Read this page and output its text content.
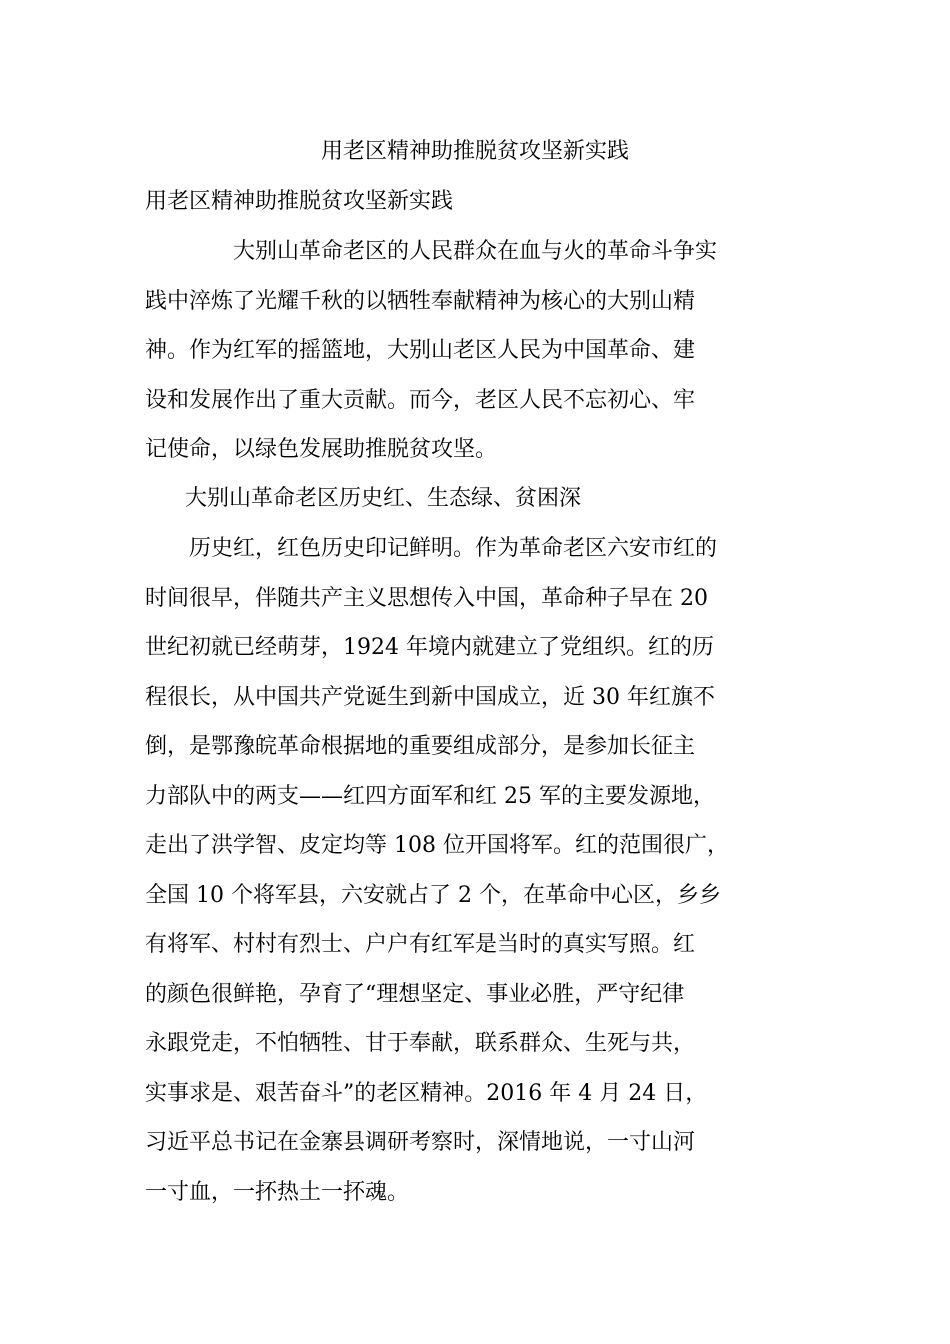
用老区精神助推脱贫攻坚新实践
用老区精神助推脱贫攻坚新实践

大别山革命老区的人民群众在血与火的革命斗争实
践中淬炼了光耀千秋的以牺牲奉献精神为核心的大别山精
神。作为红军的摇篮地，大别山老区人民为中国革命、建
设和发展作出了重大贡献。而今，老区人民不忘初心、牢
记使命，以绿色发展助推脱贫攻坚。

大别山革命老区历史红、生态绿、贫困深

历史红，红色历史印记鲜明。作为革命老区六安市红的
时间很早，伴随共产主义思想传入中国，革命种子早在 20
世纪初就已经萌芽，1924 年境内就建立了党组织。红的历
程很长，从中国共产党诞生到新中国成立，近 30 年红旗不
倒，是鄂豫皖革命根据地的重要组成部分，是参加长征主
力部队中的两支——红四方面军和红 25 军的主要发源地，
走出了洪学智、皮定均等 108 位开国将军。红的范围很广，
全国 10 个将军县，六安就占了 2 个，在革命中心区，乡乡
有将军、村村有烈士、户户有红军是当时的真实写照。红
的颜色很鲜艳，孕育了“理想坚定、事业必胜，严守纪律
永跟党走，不怕牺牲、甘于奉献，联系群众、生死与共，
实事求是、艰苦奋斗”的老区精神。2016 年 4 月 24 日，
习近平总书记在金寨县调研考察时，深情地说，一寸山河
一寸血，一抔热土一抔魂。
